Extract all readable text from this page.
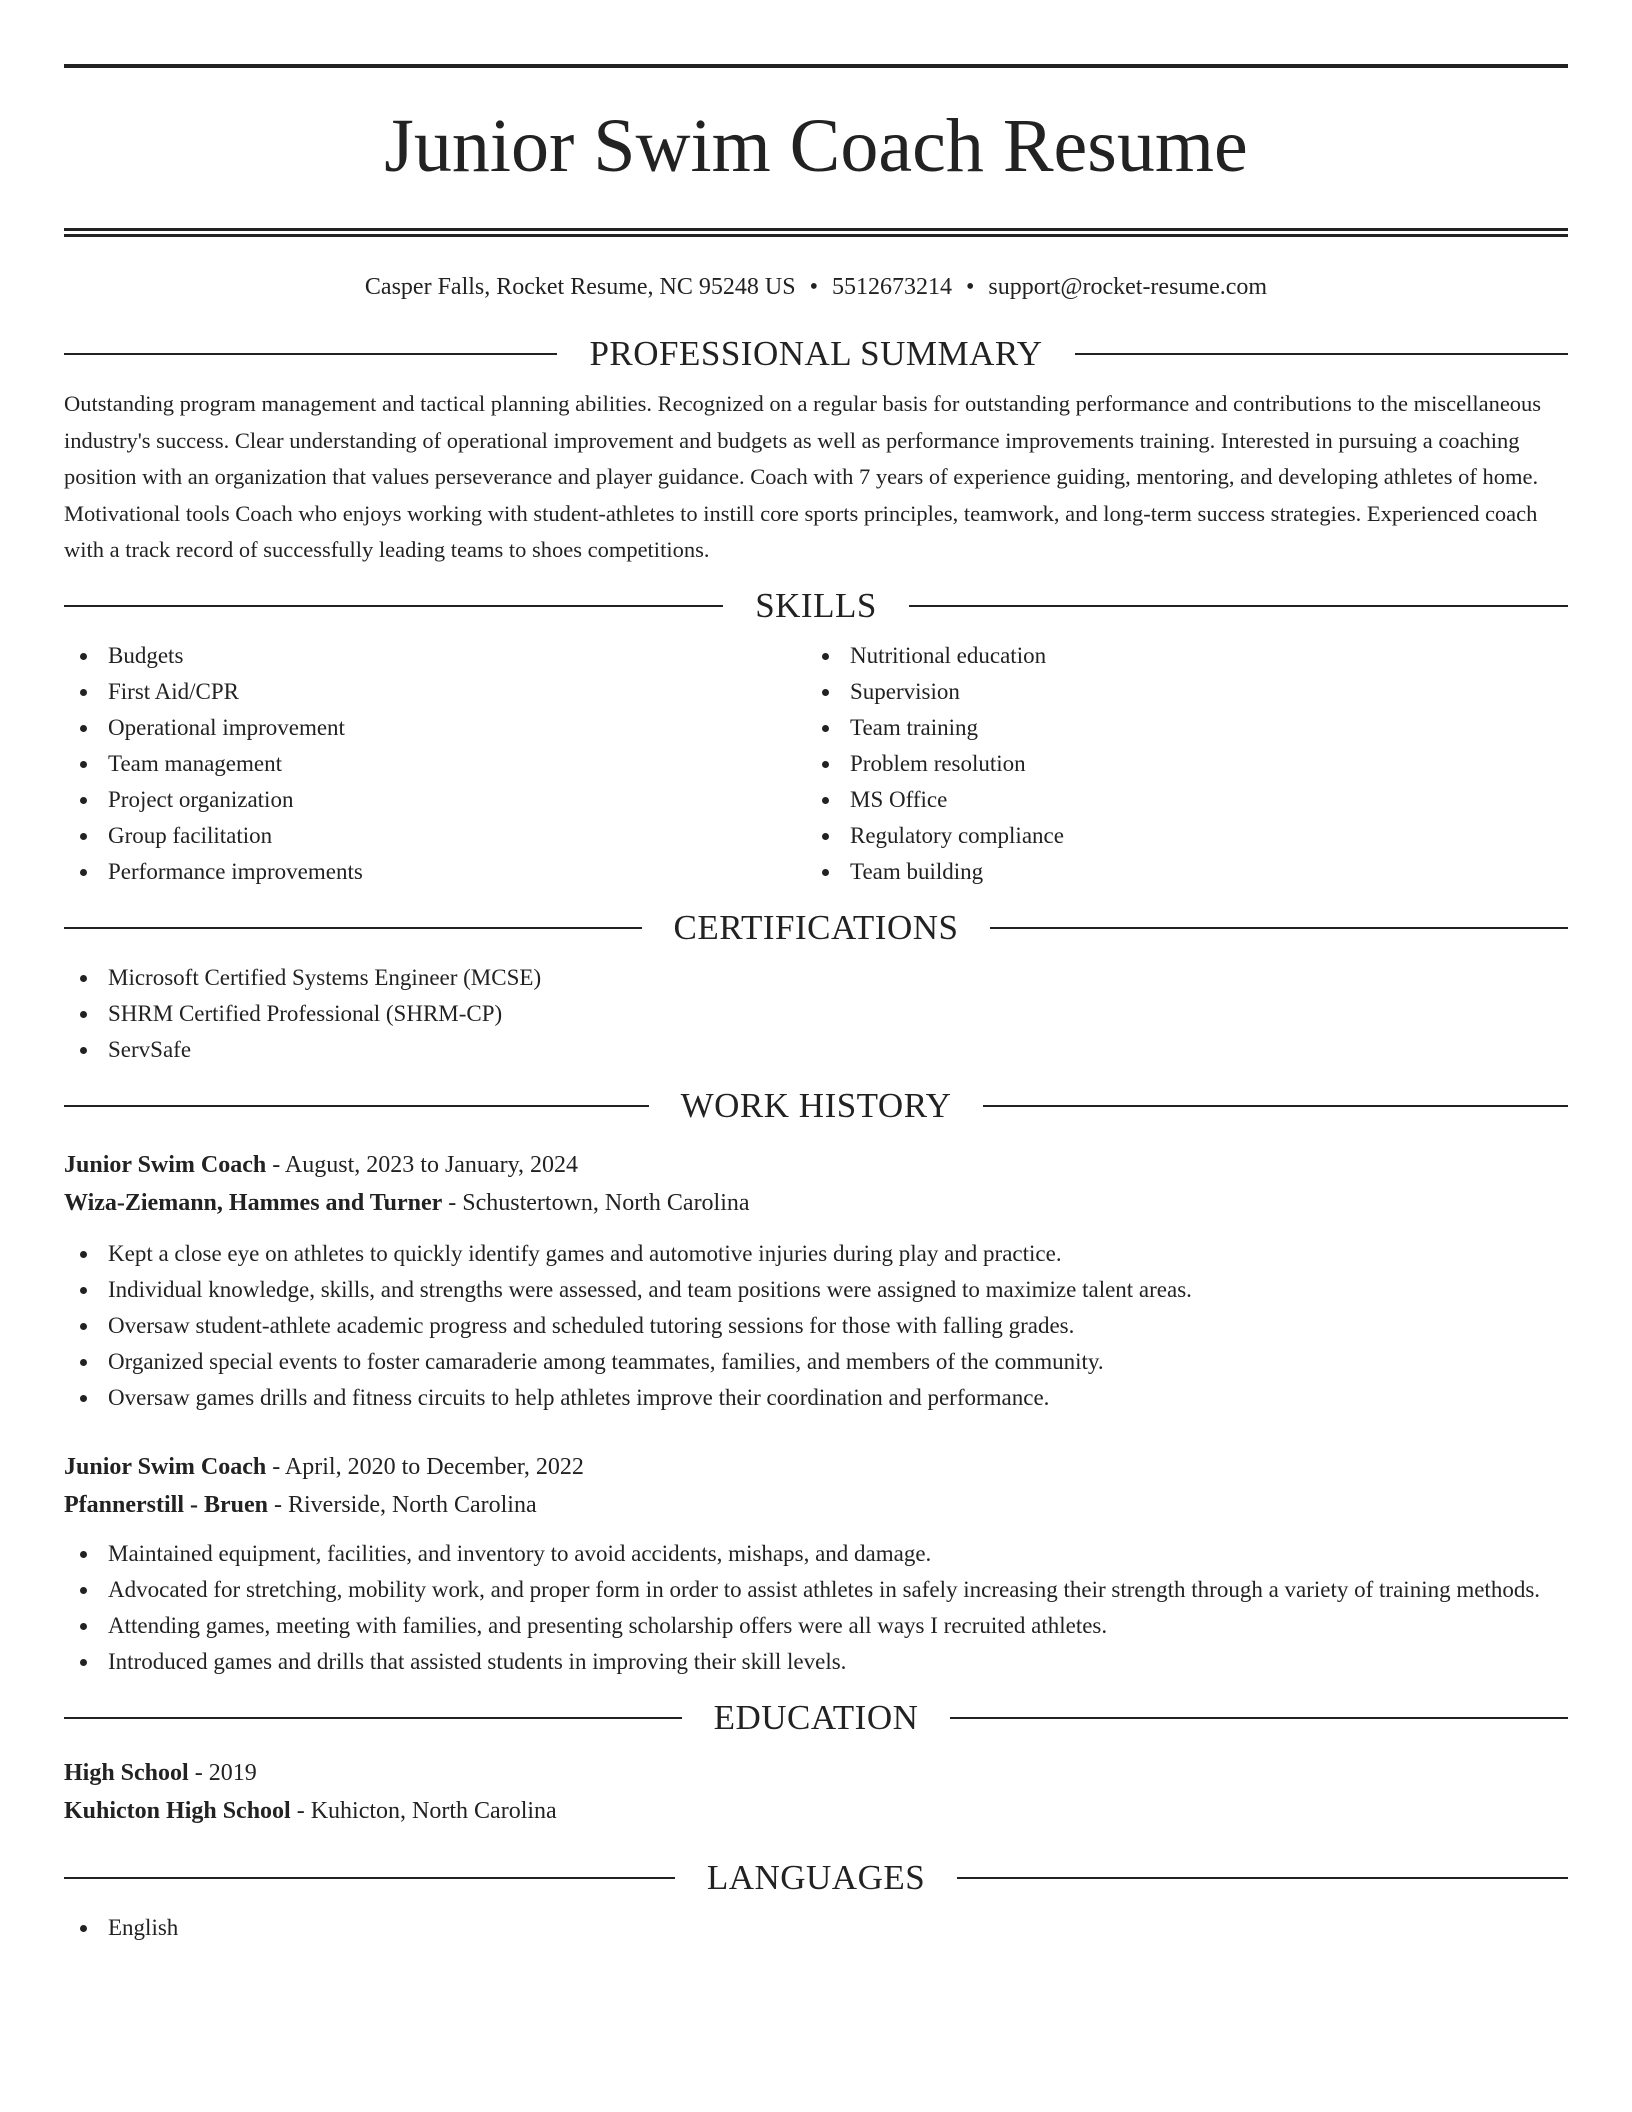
Junior Swim Coach Resume
Casper Falls, Rocket Resume, NC 95248 US • 5512673214 • support@rocket-resume.com
PROFESSIONAL SUMMARY

Outstanding program management and tactical planning abilities. Recognized on a regular basis for outstanding performance and contributions to the miscellaneous industry's success. Clear understanding of operational improvement and budgets as well as performance improvements training. Interested in pursuing a coaching position with an organization that values perseverance and player guidance. Coach with 7 years of experience guiding, mentoring, and developing athletes of home. Motivational tools Coach who enjoys working with student-athletes to instill core sports principles, teamwork, and long-term success strategies. Experienced coach with a track record of successfully leading teams to shoes competitions.

SKILLS
Budgets
First Aid/CPR
Operational improvement
Team management
Project organization
Group facilitation
Performance improvements
Nutritional education
Supervision
Team training
Problem resolution
MS Office
Regulatory compliance
Team building
CERTIFICATIONS
Microsoft Certified Systems Engineer (MCSE)
SHRM Certified Professional (SHRM-CP)
ServSafe
WORK HISTORY
Junior Swim Coach - August, 2023 to January, 2024
Wiza-Ziemann, Hammes and Turner - Schustertown, North Carolina
Kept a close eye on athletes to quickly identify games and automotive injuries during play and practice.
Individual knowledge, skills, and strengths were assessed, and team positions were assigned to maximize talent areas.
Oversaw student-athlete academic progress and scheduled tutoring sessions for those with falling grades.
Organized special events to foster camaraderie among teammates, families, and members of the community.
Oversaw games drills and fitness circuits to help athletes improve their coordination and performance.
Junior Swim Coach - April, 2020 to December, 2022
Pfannerstill - Bruen - Riverside, North Carolina
Maintained equipment, facilities, and inventory to avoid accidents, mishaps, and damage.
Advocated for stretching, mobility work, and proper form in order to assist athletes in safely increasing their strength through a variety of training methods.
Attending games, meeting with families, and presenting scholarship offers were all ways I recruited athletes.
Introduced games and drills that assisted students in improving their skill levels.
EDUCATION
High School - 2019
Kuhicton High School - Kuhicton, North Carolina
LANGUAGES
English
